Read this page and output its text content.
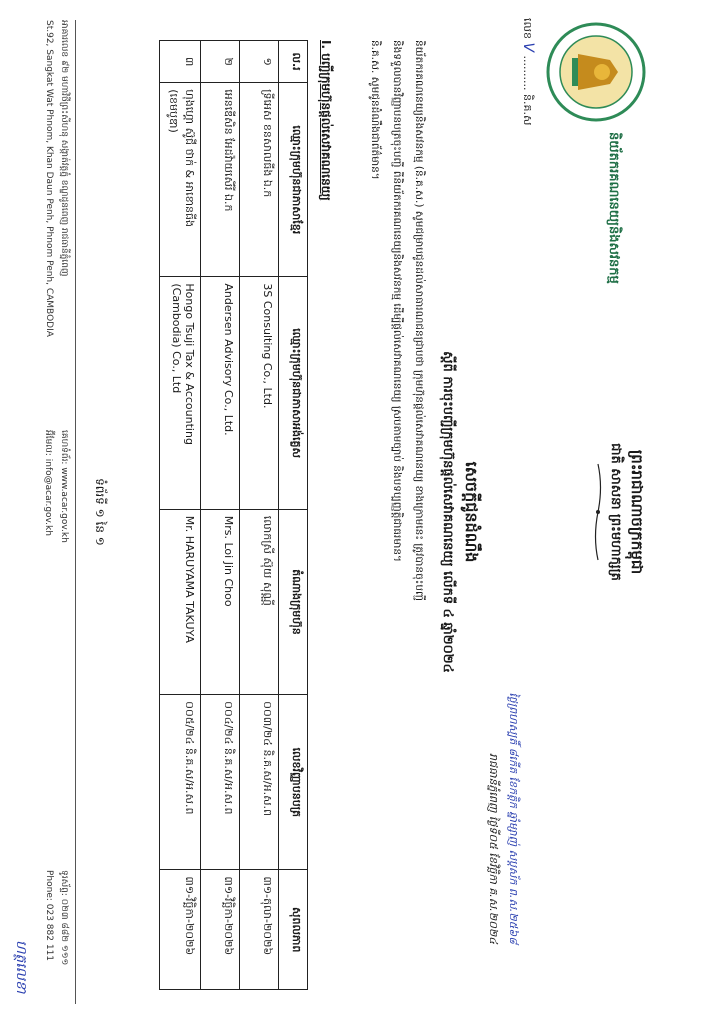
និយ័តករគណនេយ្យនិងសវនកម្ម
លេខ V .......... និ.គ.ស
ព្រះរាជាណាចក្រកម្ពុជា
ជាតិ សាសនា ព្រះមហាក្សត្រ
ថ្ងៃព្រហស្បតិ៍ ៨កើត ខែកត្តិក ឆ្នាំម្សាញ់ សប្តស័ក ព.ស.២៥៦៨
រាជធានីភ្នំពេញ ថ្ងៃទី០៥ ខែវិច្ឆិកា គ.ស.២០២៤
សេចក្តីជូនដំណឹង
ស្តីពី ការចុះបញ្ជីក្រុមហ៊ុនផ្តល់សេវាគណនេយ្យ លើកទី ៤ ឆ្នាំ២០២៤
និយ័តករគណនេយ្យនិងសវនកម្ម (និ.គ.ស.) សូមជម្រាបជូនដល់សាធារណជនជ្រាបថា ក្រុមហ៊ុនផ្តល់សេវាគណនេយ្យ ខាងក្រោមនេះ ត្រូវបានចុះបញ្ជី
និងទទួលបានវិញ្ញាបនបត្រចុះបញ្ជី ពីនិយ័តករគណនេយ្យនិងសវនកម្ម ដើម្បីផ្តល់សេវាគណនេយ្យ ស្របតាមច្បាប់ និងបទប្បញ្ញត្តិជាធរមាន។
និ.គ.ស. សូមជូនដំណឹងជាព័ត៌មាន។
I. បញ្ជីក្រុមហ៊ុនផ្តល់សេវាគណនេយ្យ
ល.រ	ឈ្មោះក្រុមហ៊ុនជាភាសាខ្មែរ	ឈ្មោះក្រុមហ៊ុនជាភាសាអង់គ្លេស	តំណាងក្រុមហ៊ុន	លេខវិញ្ញាបនបត្រ	សុពលភាព
១	ទ្រីអេស ខនសាលធីង ឯ.ក	3S Consulting Co., Ltd.	លោកស្រី ស៊ុយ សុណ្ណី	០០៣/២៤ និ.គ.ស/អ.ស.ព	៣១-តុលា-២០២៦
២	អេនឌើសិន អែដវ៉ាយសើរី ឯ.ក	Andersen Advisory Co., Ltd.	Mrs. Loi Jin Choo	០០៤/២៤ និ.គ.ស/អ.ស.ព	៣១-វិច្ឆិកា-២០២៦
៣	ហុងហ្គោ ស៊ូជី ថាក់ & អាខោនធីង (ខេមបូឌា)	Hongo Tsuji Tax & Accounting (Cambodia) Co., Ltd	Mr. HARUYAMA TAKUYA	០០៥/២៤ និ.គ.ស/អ.ស.ព	៣១-វិច្ឆិកា-២០២៦
ទំព័រទី ១ នៃ ១
អាគារលេខ ៩២ មហាវិថីព្រះសីហនុ សង្កាត់វត្តភ្នំ ខណ្ឌដូនពេញ រាជធានីភ្នំពេញ
St.92, Sangkat Wat Phnom, Khan Daun Penh, Phnom Penh, CAMBODIA
គេហទំព័រ: www.acar.gov.kh
អ៊ីមែល: info@acar.gov.kh
ទូរស័ព្ទ: ០២៣ ៨៨២ ១១១
Phone: 023 882 111
ហត្ថលេខា
